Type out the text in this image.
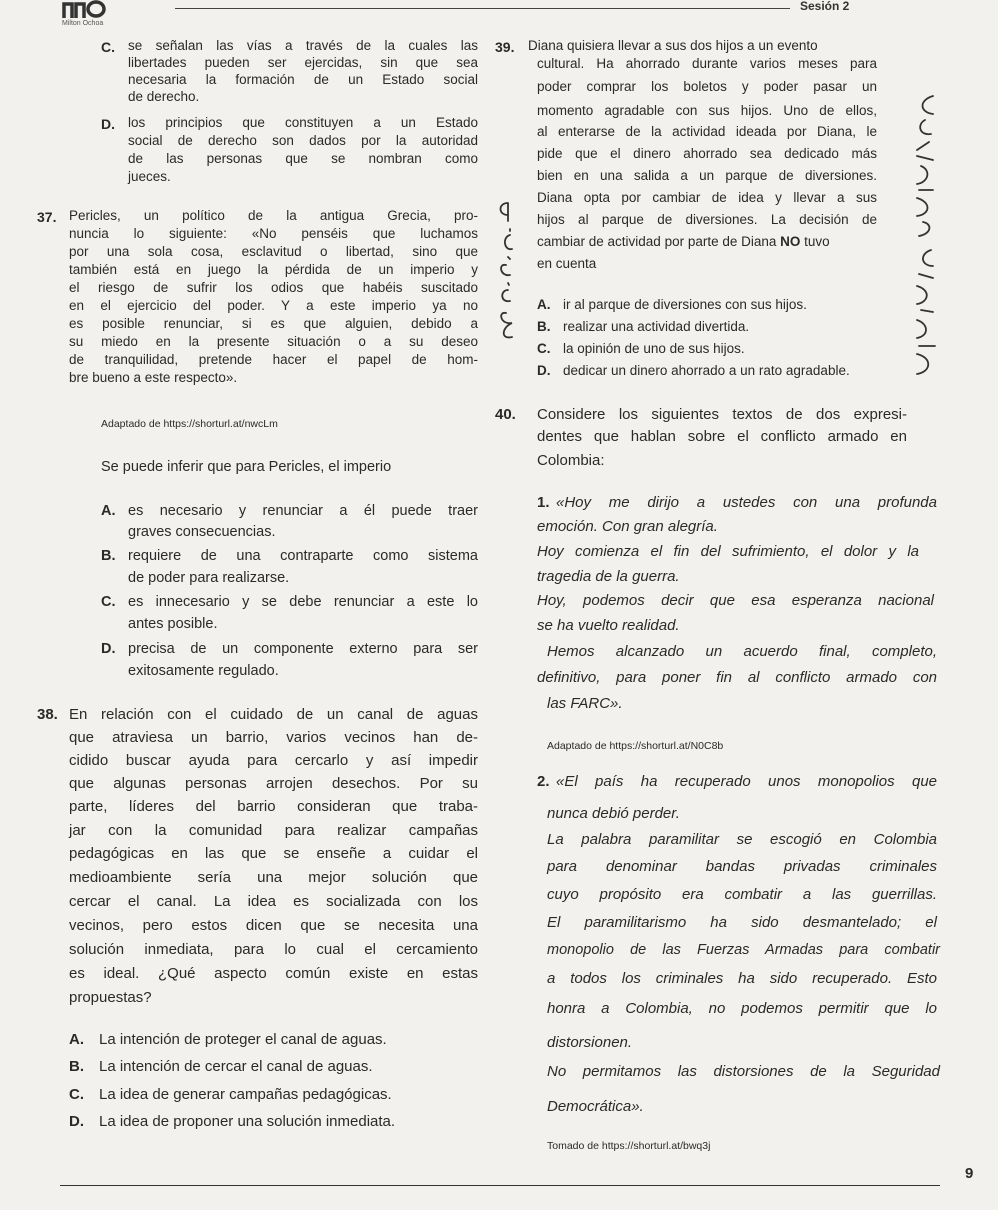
Milton Ochoa
Sesión 2
C. se señalan las vías a través de la cuales las
libertades pueden ser ejercidas, sin que sea
necesaria la formación de un Estado social
de derecho.
D. los principios que constituyen a un Estado
social de derecho son dados por la autoridad
de las personas que se nombran como
jueces.
37. Pericles, un político de la antigua Grecia, pro-
nuncia lo siguiente: «No penséis que luchamos
por una sola cosa, esclavitud o libertad, sino que
también está en juego la pérdida de un imperio y
el riesgo de sufrir los odios que habéis suscitado
en el ejercicio del poder. Y a este imperio ya no
es posible renunciar, si es que alguien, debido a
su miedo en la presente situación o a su deseo
de tranquilidad, pretende hacer el papel de hom-
bre bueno a este respecto».
Adaptado de https://shorturl.at/nwcLm
Se puede inferir que para Pericles, el imperio
A. es necesario y renunciar a él puede traer
graves consecuencias.
B. requiere de una contraparte como sistema
de poder para realizarse.
C. es innecesario y se debe renunciar a este lo
antes posible.
D. precisa de un componente externo para ser
exitosamente regulado.
38. En relación con el cuidado de un canal de aguas
que atraviesa un barrio, varios vecinos han de-
cidido buscar ayuda para cercarlo y así impedir
que algunas personas arrojen desechos. Por su
parte, líderes del barrio consideran que traba-
jar con la comunidad para realizar campañas
pedagógicas en las que se enseñe a cuidar el
medioambiente sería una mejor solución que
cercar el canal. La idea es socializada con los
vecinos, pero estos dicen que se necesita una
solución inmediata, para lo cual el cercamiento
es ideal. ¿Qué aspecto común existe en estas
propuestas?
A. La intención de proteger el canal de aguas.
B. La intención de cercar el canal de aguas.
C. La idea de generar campañas pedagógicas.
D. La idea de proponer una solución inmediata.
39. Diana quisiera llevar a sus dos hijos a un evento
cultural. Ha ahorrado durante varios meses para
poder comprar los boletos y poder pasar un
momento agradable con sus hijos. Uno de ellos,
al enterarse de la actividad ideada por Diana, le
pide que el dinero ahorrado sea dedicado más
bien en una salida a un parque de diversiones.
Diana opta por cambiar de idea y llevar a sus
hijos al parque de diversiones. La decisión de
cambiar de actividad por parte de Diana NO tuvo
en cuenta
A. ir al parque de diversiones con sus hijos.
B. realizar una actividad divertida.
C. la opinión de uno de sus hijos.
D. dedicar un dinero ahorrado a un rato agradable.
40. Considere los siguientes textos de dos expresi-
dentes que hablan sobre el conflicto armado en
Colombia:
1. «Hoy me dirijo a ustedes con una profunda
emoción. Con gran alegría.
Hoy comienza el fin del sufrimiento, el dolor y la
tragedia de la guerra.
Hoy, podemos decir que esa esperanza nacional
se ha vuelto realidad.
Hemos alcanzado un acuerdo final, completo,
definitivo, para poner fin al conflicto armado con
las FARC».
Adaptado de https://shorturl.at/N0C8b
2. «El país ha recuperado unos monopolios que
nunca debió perder.
La palabra paramilitar se escogió en Colombia
para denominar bandas privadas criminales
cuyo propósito era combatir a las guerrillas.
El paramilitarismo ha sido desmantelado; el
monopolio de las Fuerzas Armadas para combatir
a todos los criminales ha sido recuperado. Esto
honra a Colombia, no podemos permitir que lo
distorsionen.
No permitamos las distorsiones de la Seguridad
Democrática».
Tomado de https://shorturl.at/bwq3j
9
